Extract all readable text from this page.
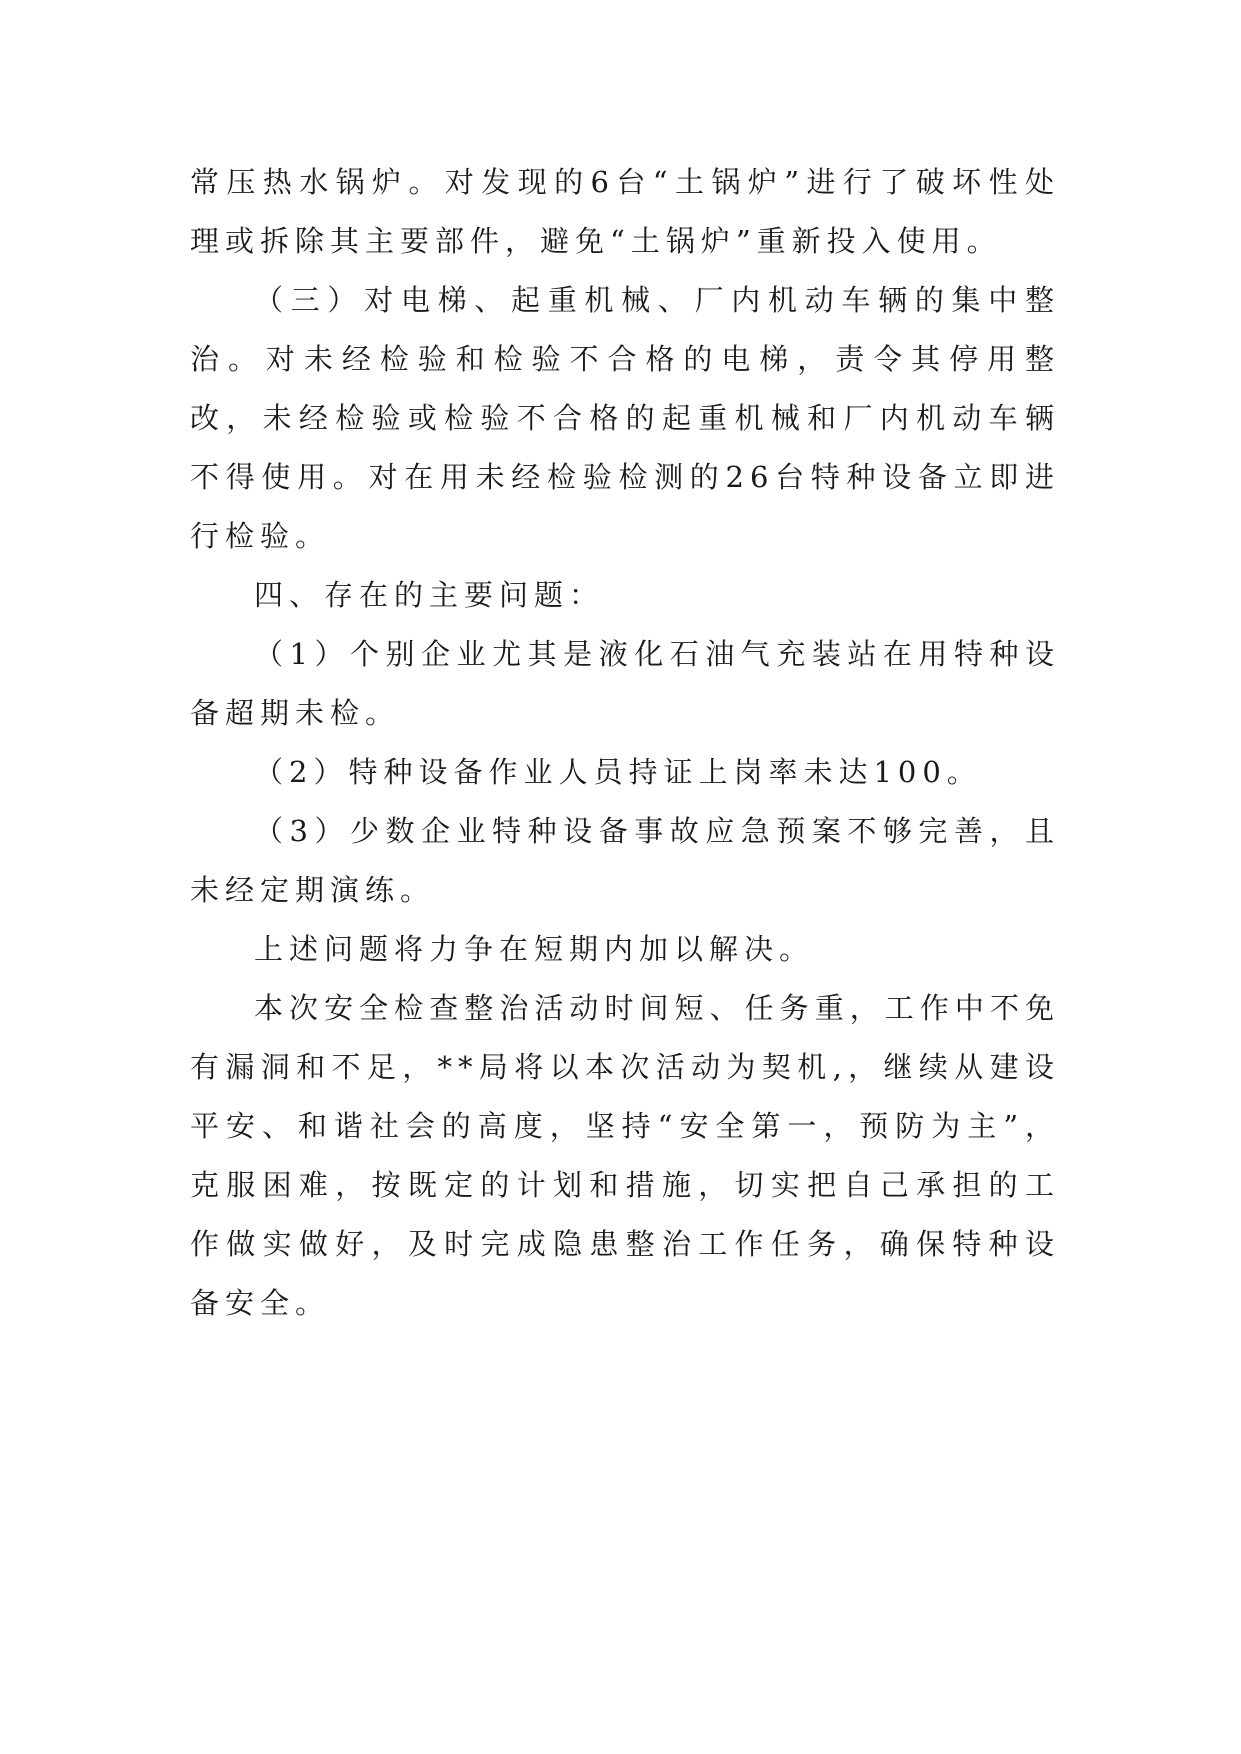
常压热水锅炉。对发现的6台“土锅炉”进行了破坏性处理或拆除其主要部件，避免“土锅炉”重新投入使用。

（三）对电梯、起重机械、厂内机动车辆的集中整治。对未经检验和检验不合格的电梯，责令其停用整改，未经检验或检验不合格的起重机械和厂内机动车辆不得使用。对在用未经检验检测的26台特种设备立即进行检验。

四、存在的主要问题：

（1）个别企业尤其是液化石油气充装站在用特种设备超期未检。

（2）特种设备作业人员持证上岗率未达100。

（3）少数企业特种设备事故应急预案不够完善，且未经定期演练。

上述问题将力争在短期内加以解决。

本次安全检查整治活动时间短、任务重，工作中不免有漏洞和不足，**局将以本次活动为契机,，继续从建设平安、和谐社会的高度，坚持“安全第一，预防为主”，克服困难，按既定的计划和措施，切实把自己承担的工作做实做好，及时完成隐患整治工作任务，确保特种设备安全。
